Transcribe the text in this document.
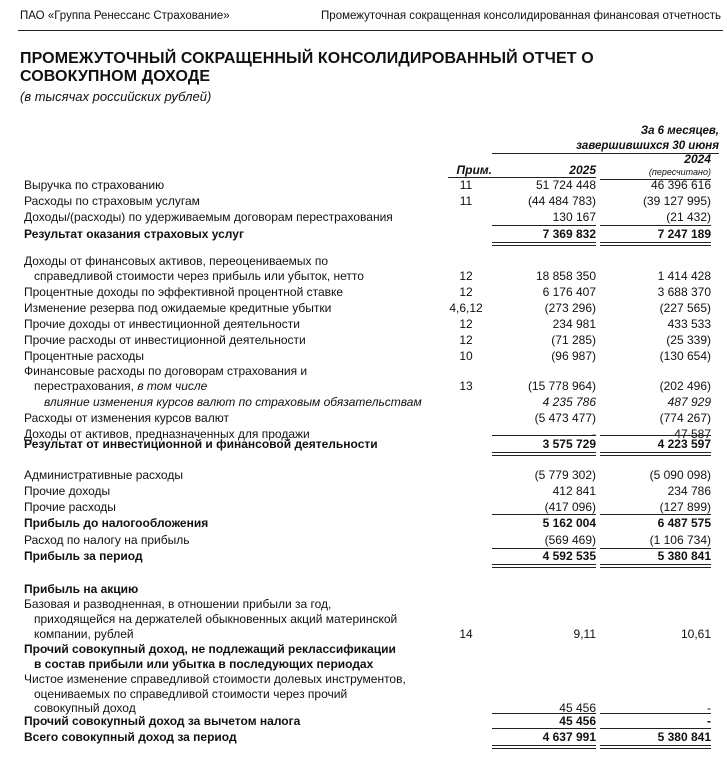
ПАО «Группа Ренессанс Страхование»	Промежуточная сокращенная консолидированная финансовая отчетность
ПРОМЕЖУТОЧНЫЙ СОКРАЩЕННЫЙ КОНСОЛИДИРОВАННЫЙ ОТЧЕТ О
СОВОКУПНОМ ДОХОДЕ
(в тысячах российских рублей)
За 6 месяцев,
завершившихся 30 июня
Прим.	2025
2024
(пересчитано)
Выручка по страхованию	11	51 724 448	46 396 616
Расходы по страховым услугам	11	(44 484 783)	(39 127 995)
Доходы/(расходы) по удерживаемым договорам перестрахования	130 167	(21 432)
Результат оказания страховых услуг	7 369 832	7 247 189
Доходы от финансовых активов, переоцениваемых по
справедливой стоимости через прибыль или убыток, нетто	12	18 858 350	1 414 428
Процентные доходы по эффективной процентной ставке	12	6 176 407	3 688 370
Изменение резерва под ожидаемые кредитные убытки	4,6,12	(273 296)	(227 565)
Прочие доходы от инвестиционной деятельности	12	234 981	433 533
Прочие расходы от инвестиционной деятельности	12	(71 285)	(25 339)
Процентные расходы	10	(96 987)	(130 654)
Финансовые расходы по договорам страхования и
перестрахования, в том числе	13	(15 778 964)	(202 496)
влияние изменения курсов валют по страховым обязательствам	4 235 786	487 929
Расходы от изменения курсов валют	(5 473 477)	(774 267)
Доходы от активов, предназначенных для продажи	-	47 587
Результат от инвестиционной и финансовой деятельности	3 575 729	4 223 597
Административные расходы	(5 779 302)	(5 090 098)
Прочие доходы	412 841	234 786
Прочие расходы	(417 096)	(127 899)
Прибыль до налогообложения	5 162 004	6 487 575
Расход по налогу на прибыль	(569 469)	(1 106 734)
Прибыль за период	4 592 535	5 380 841
Прибыль на акцию
Базовая и разводненная, в отношении прибыли за год,
приходящейся на держателей обыкновенных акций материнской
компании, рублей	14	9,11	10,61
Прочий совокупный доход, не подлежащий реклассификации
в состав прибыли или убытка в последующих периодах
Чистое изменение справедливой стоимости долевых инструментов,
оцениваемых по справедливой стоимости через прочий
совокупный доход	45 456	-
Прочий совокупный доход за вычетом налога	45 456	-
Всего совокупный доход за период	4 637 991	5 380 841
